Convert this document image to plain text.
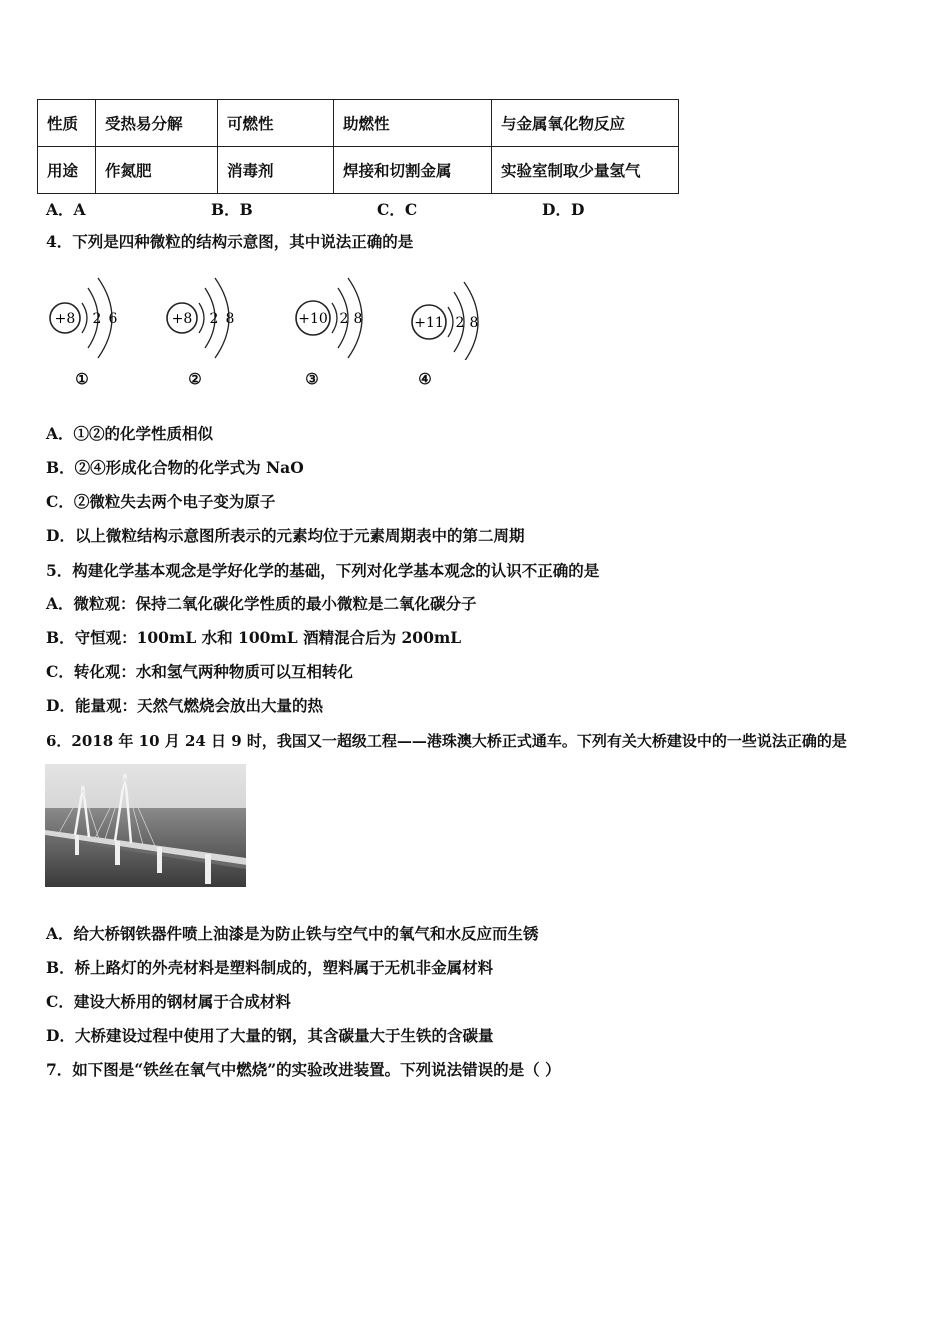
性质	受热易分解	可燃性	助燃性	与金属氧化物反应
用途	作氮肥	消毒剂	焊接和切割金属	实验室制取少量氢气
A．A	B．B	C．C	D．D
4．下列是四种微粒的结构示意图，其中说法正确的是
+8 2 6	+8 2 8	+10 2 8	+11 2 8
①	②	③	④
A．①②的化学性质相似
B．②④形成化合物的化学式为 NaO
C．②微粒失去两个电子变为原子
D．以上微粒结构示意图所表示的元素均位于元素周期表中的第二周期
5．构建化学基本观念是学好化学的基础，下列对化学基本观念的认识不正确的是
A．微粒观：保持二氧化碳化学性质的最小微粒是二氧化碳分子
B．守恒观：100mL 水和 100mL 酒精混合后为 200mL
C．转化观：水和氢气两种物质可以互相转化
D．能量观：天然气燃烧会放出大量的热
6．2018 年 10 月 24 日 9 时，我国又一超级工程——港珠澳大桥正式通车。下列有关大桥建设中的一些说法正确的是
A．给大桥钢铁器件喷上油漆是为防止铁与空气中的氧气和水反应而生锈
B．桥上路灯的外壳材料是塑料制成的，塑料属于无机非金属材料
C．建设大桥用的钢材属于合成材料
D．大桥建设过程中使用了大量的钢，其含碳量大于生铁的含碳量
7．如下图是“铁丝在氧气中燃烧”的实验改进装置。下列说法错误的是（ ）
